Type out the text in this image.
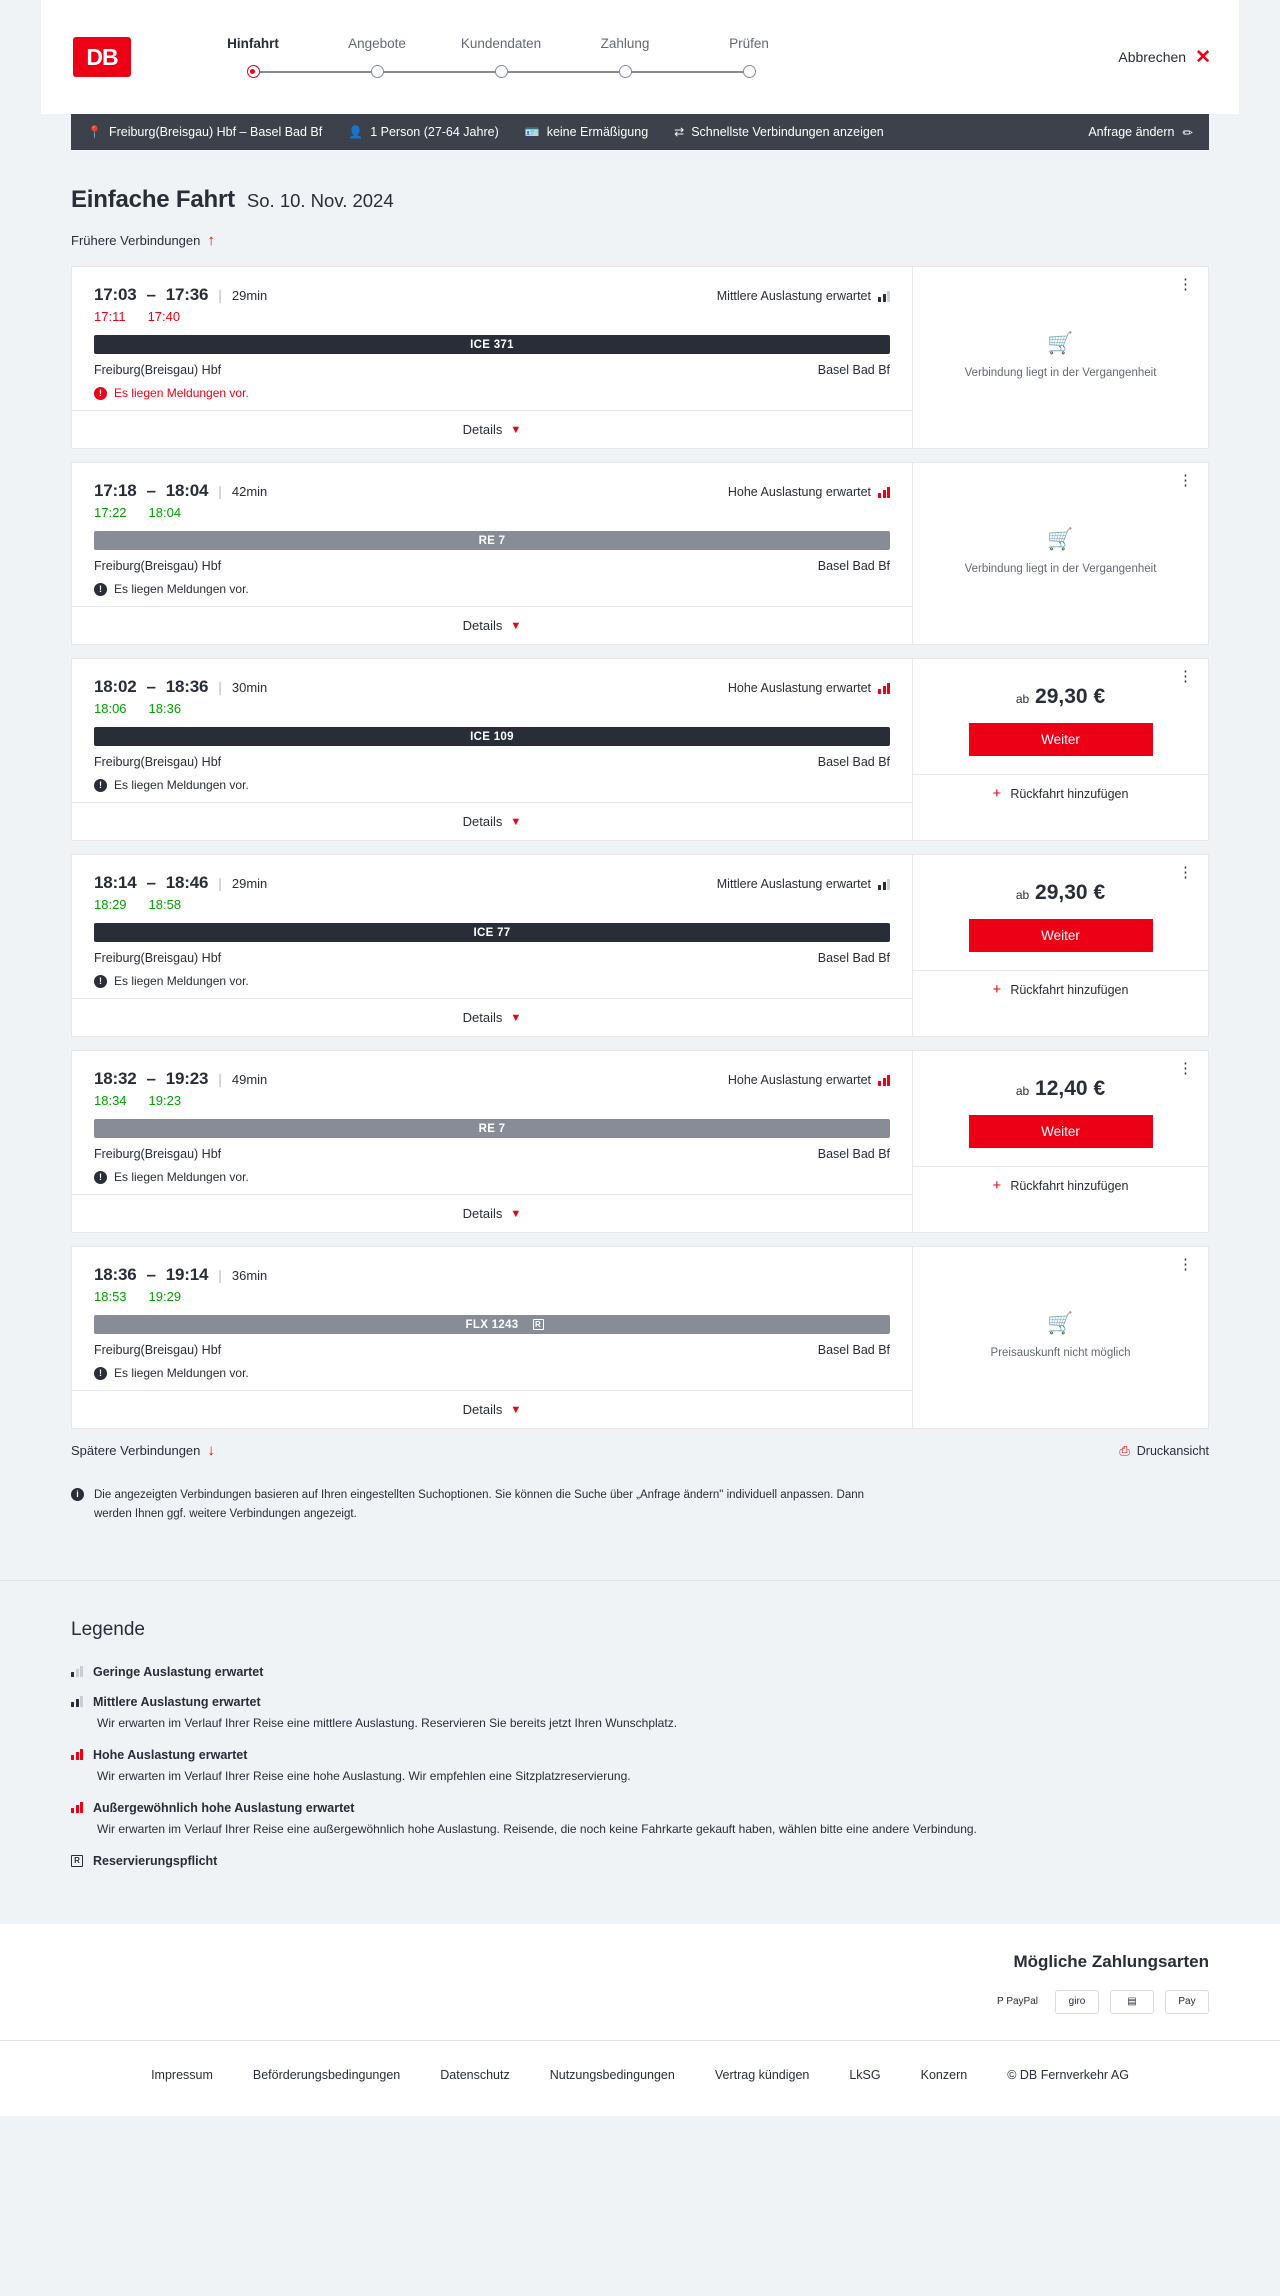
DB	Hinfahrt	Angebote	Kundendaten	Zahlung	Prüfen
Abbrechen ✕
📍 Freiburg(Breisgau) Hbf – Basel Bad Bf 👤 1 Person (27-64 Jahre) 🪪 keine Ermäßigung ⇄ Schnellste Verbindungen anzeigen	Anfrage ändern ✏
Einfache Fahrt So. 10. Nov. 2024
Frühere Verbindungen ↑
17:03 – 17:36 | 29min	Mittlere Auslastung erwartet
17:11 17:40
ICE 371
Freiburg(Breisgau) Hbf	Basel Bad Bf
!	Es liegen Meldungen vor.
Details ▼
⋮
🛒
Verbindung liegt in der Vergangenheit
17:18 – 18:04 | 42min	Hohe Auslastung erwartet
17:22 18:04
RE 7
Freiburg(Breisgau) Hbf	Basel Bad Bf
!	Es liegen Meldungen vor.
Details ▼
⋮
🛒
Verbindung liegt in der Vergangenheit
18:02 – 18:36 | 30min	Hohe Auslastung erwartet
18:06 18:36
ICE 109
Freiburg(Breisgau) Hbf	Basel Bad Bf
!	Es liegen Meldungen vor.
Details ▼
⋮
ab 29,30 €
Weiter
+ Rückfahrt hinzufügen
18:14 – 18:46 | 29min	Mittlere Auslastung erwartet
18:29 18:58
ICE 77
Freiburg(Breisgau) Hbf	Basel Bad Bf
!	Es liegen Meldungen vor.
Details ▼
⋮
ab 29,30 €
Weiter
+ Rückfahrt hinzufügen
18:32 – 19:23 | 49min	Hohe Auslastung erwartet
18:34 19:23
RE 7
Freiburg(Breisgau) Hbf	Basel Bad Bf
!	Es liegen Meldungen vor.
Details ▼
⋮
ab 12,40 €
Weiter
+ Rückfahrt hinzufügen
18:36 – 19:14 | 36min
18:53 19:29
FLX 1243	R
Freiburg(Breisgau) Hbf	Basel Bad Bf
!	Es liegen Meldungen vor.
Details ▼
⋮
🛒
Preisauskunft nicht möglich
Spätere Verbindungen ↓	⎙ Druckansicht
i	Die angezeigten Verbindungen basieren auf Ihren eingestellten Suchoptionen. Sie können die Suche über „Anfrage ändern" individuell anpassen. Dann werden Ihnen ggf. weitere Verbindungen angezeigt.
Legende
Geringe Auslastung erwartet
Mittlere Auslastung erwartet
Wir erwarten im Verlauf Ihrer Reise eine mittlere Auslastung. Reservieren Sie bereits jetzt Ihren Wunschplatz.
Hohe Auslastung erwartet
Wir erwarten im Verlauf Ihrer Reise eine hohe Auslastung. Wir empfehlen eine Sitzplatzreservierung.
Außergewöhnlich hohe Auslastung erwartet
Wir erwarten im Verlauf Ihrer Reise eine außergewöhnlich hohe Auslastung. Reisende, die noch keine Fahrkarte gekauft haben, wählen bitte eine andere Verbindung.
R Reservierungspflicht
Mögliche Zahlungsarten
P PayPal	giro	▤	Pay
Impressum	Beförderungsbedingungen	Datenschutz	Nutzungsbedingungen	Vertrag kündigen	LkSG	Konzern	© DB Fernverkehr AG
